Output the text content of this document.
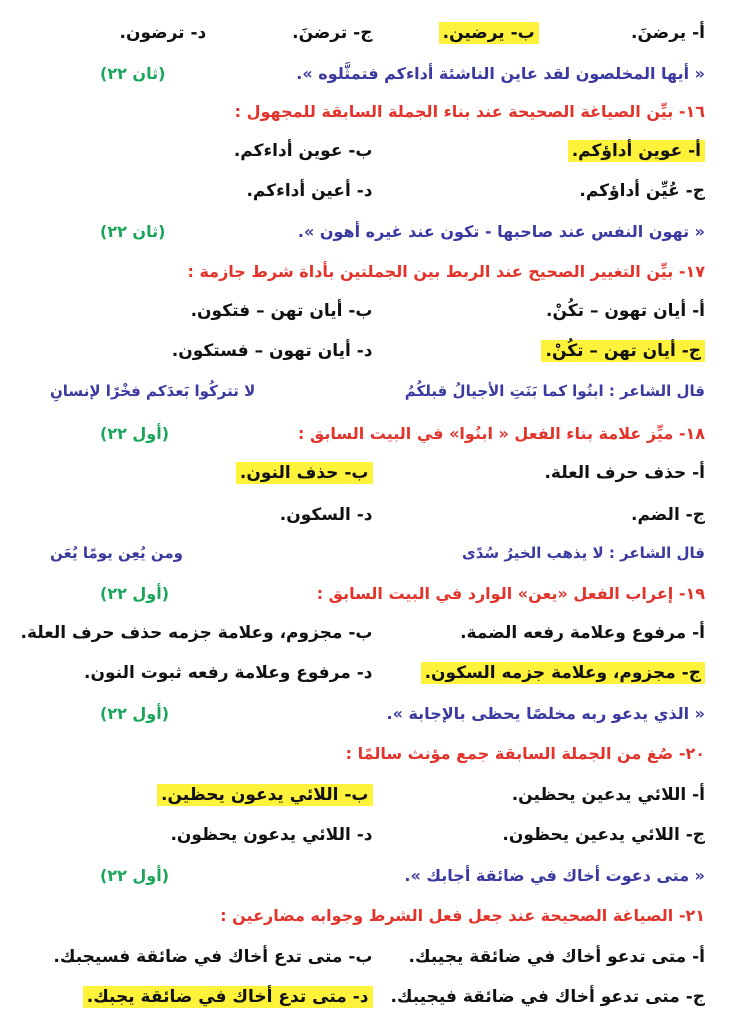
أ- يرضنَ.
ب- يرضين.
ج- ترضنَ.
د- ترضون.
« أيها المخلصون لقد عاين الناشئة أداءكم فتمثَّلوه ».
(ثان ٢٢)
١٦- بيِّن الصياغة الصحيحة عند بناء الجملة السابقة للمجهول :
أ- عوين أداؤكم.
ب- عوين أداءكم.
ج- عُيِّن أداؤكم.
د- أعين أداءكم.
« تهون النفس عند صاحبها - تكون عند غيره أهون ».
(ثان ٢٢)
١٧- بيِّن التغيير الصحيح عند الربط بين الجملتين بأداة شرط جازمة :
أ- أيان تهون – تكُنْ.
ب- أيان تهن – فتكون.
ج- أيان تهن – تكُنْ.
د- أيان تهون – فستكون.
قال الشاعر : ابنُوا كما بَنَتِ الأجيالُ قبلكُمُ
لا تتركُوا بَعدَكم فخْرًا لإنسانِ
١٨- ميِّز علامة بناء الفعل « ابنُوا» في البيت السابق :
(أول ٢٢)
أ- حذف حرف العلة.
ب- حذف النون.
ج- الضم.
د- السكون.
قال الشاعر : لا يذهب الخيرُ سُدًى
ومن يُعِن يومًا يُعَن
١٩- إعراب الفعل «يعن» الوارد في البيت السابق :
(أول ٢٢)
أ- مرفوع وعلامة رفعه الضمة.
ب- مجزوم، وعلامة جزمه حذف حرف العلة.
ج- مجزوم، وعلامة جزمه السكون.
د- مرفوع وعلامة رفعه ثبوت النون.
« الذي يدعو ربه مخلصًا يحظى بالإجابة ».
(أول ٢٢)
٢٠- صُغ من الجملة السابقة جمع مؤنث سالمًا :
أ- اللائي يدعين يحظين.
ب- اللائي يدعون يحظين.
ج- اللائي يدعين يحظون.
د- اللائي يدعون يحظون.
« متى دعوت أخاك في ضائقة أجابك ».
(أول ٢٢)
٢١- الصياغة الصحيحة عند جعل فعل الشرط وجوابه مضارعين :
أ- متى تدعو أخاك في ضائقة يجيبك.
ب- متى تدع أخاك في ضائقة فسيجبك.
ج- متى تدعو أخاك في ضائقة فيجيبك.
د- متى تدع أخاك في ضائقة يجبك.
